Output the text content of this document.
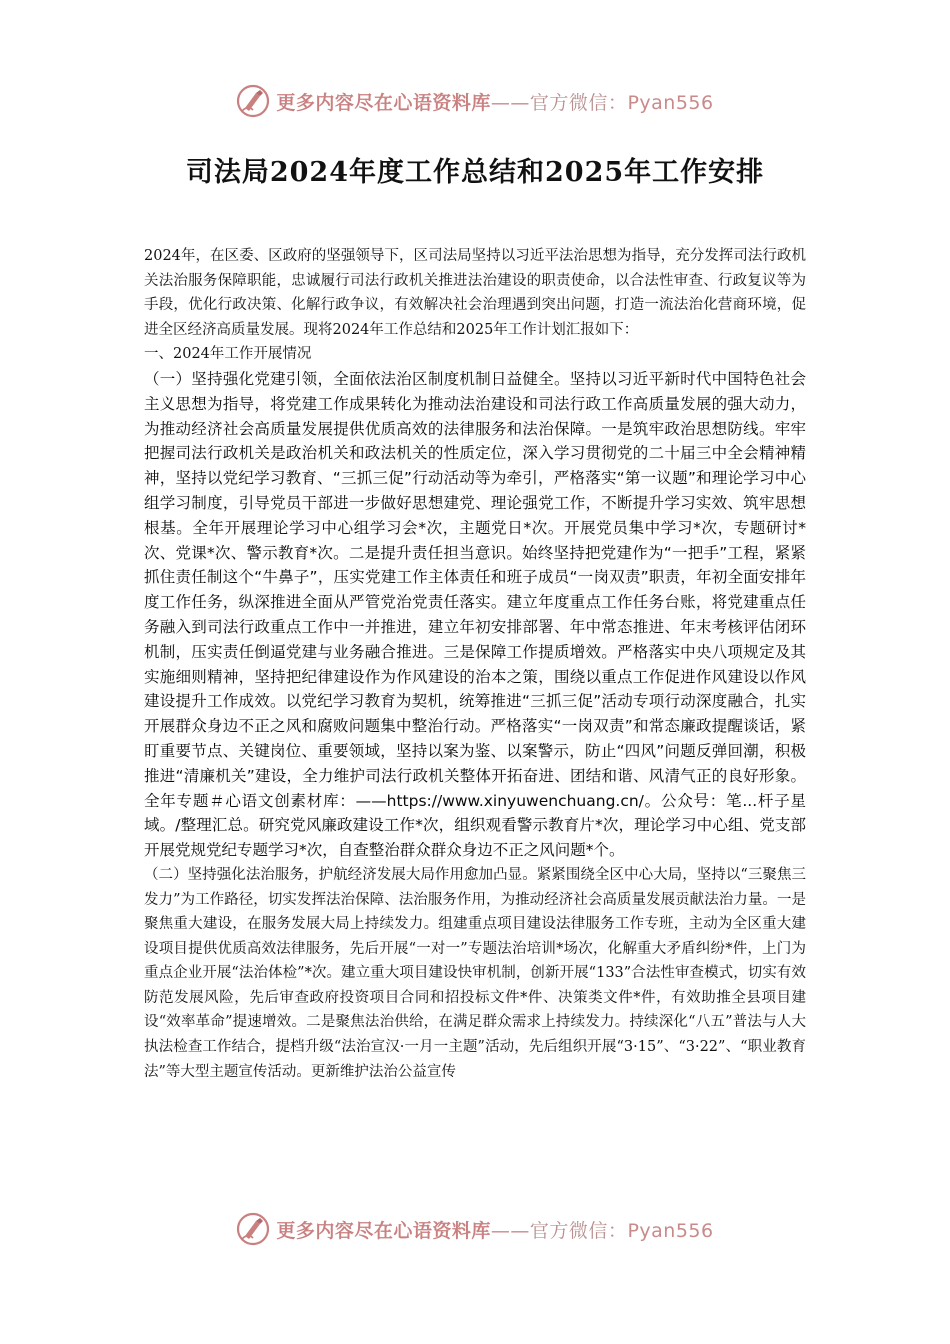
更多内容尽在心语资料库——官方微信：Pyan556
司法局2024年度工作总结和2025年工作安排

2024年，在区委、区政府的坚强领导下，区司法局坚持以习近平法治思想为指导，充分发挥司法行政机关法治服务保障职能，忠诚履行司法行政机关推进法治建设的职责使命，以合法性审查、行政复议等为手段，优化行政决策、化解行政争议，有效解决社会治理遇到突出问题，打造一流法治化营商环境，促进全区经济高质量发展。现将2024年工作总结和2025年工作计划汇报如下：

一、2024年工作开展情况

（一）坚持强化党建引领，全面依法治区制度机制日益健全。坚持以习近平新时代中国特色社会主义思想为指导，将党建工作成果转化为推动法治建设和司法行政工作高质量发展的强大动力，为推动经济社会高质量发展提供优质高效的法律服务和法治保障。一是筑牢政治思想防线。牢牢把握司法行政机关是政治机关和政法机关的性质定位，深入学习贯彻党的二十届三中全会精神精神，坚持以党纪学习教育、“三抓三促”行动活动等为牵引，严格落实“第一议题”和理论学习中心组学习制度，引导党员干部进一步做好思想建党、理论强党工作，不断提升学习实效、筑牢思想根基。全年开展理论学习中心组学习会*次，主题党日*次。开展党员集中学习*次，专题研讨*次、党课*次、警示教育*次。二是提升责任担当意识。始终坚持把党建作为“一把手”工程，紧紧抓住责任制这个“牛鼻子”，压实党建工作主体责任和班子成员“一岗双责”职责，年初全面安排年度工作任务，纵深推进全面从严管党治党责任落实。建立年度重点工作任务台账，将党建重点任务融入到司法行政重点工作中一并推进，建立年初安排部署、年中常态推进、年末考核评估闭环机制，压实责任倒逼党建与业务融合推进。三是保障工作提质增效。严格落实中央八项规定及其实施细则精神，坚持把纪律建设作为作风建设的治本之策，围绕以重点工作促进作风建设以作风建设提升工作成效。以党纪学习教育为契机，统筹推进“三抓三促”活动专项行动深度融合，扎实开展群众身边不正之风和腐败问题集中整治行动。严格落实“一岗双责”和常态廉政提醒谈话，紧盯重要节点、关键岗位、重要领域，坚持以案为鉴、以案警示，防止“四风”问题反弹回潮，积极推进“清廉机关”建设，全力维护司法行政机关整体开拓奋进、团结和谐、风清气正的良好形象。全年专题＃心语文创素材库：——https://www.xinyuwenchuang.cn/。公众号：笔...杆子星域。/整理汇总。研究党风廉政建设工作*次，组织观看警示教育片*次，理论学习中心组、党支部开展党规党纪专题学习*次，自查整治群众群众身边不正之风问题*个。

（二）坚持强化法治服务，护航经济发展大局作用愈加凸显。紧紧围绕全区中心大局，坚持以“三聚焦三发力”为工作路径，切实发挥法治保障、法治服务作用，为推动经济社会高质量发展贡献法治力量。一是聚焦重大建设，在服务发展大局上持续发力。组建重点项目建设法律服务工作专班，主动为全区重大建设项目提供优质高效法律服务，先后开展“一对一”专题法治培训*场次，化解重大矛盾纠纷*件，上门为重点企业开展“法治体检”*次。建立重大项目建设快审机制，创新开展“133”合法性审查模式，切实有效防范发展风险，先后审查政府投资项目合同和招投标文件*件、决策类文件*件，有效助推全县项目建设“效率革命”提速增效。二是聚焦法治供给，在满足群众需求上持续发力。持续深化“八五”普法与人大执法检查工作结合，提档升级“法治宣汉·一月一主题”活动，先后组织开展“3·15”、“3·22”、“职业教育法”等大型主题宣传活动。更新维护法治公益宣传

更多内容尽在心语资料库——官方微信：Pyan556
